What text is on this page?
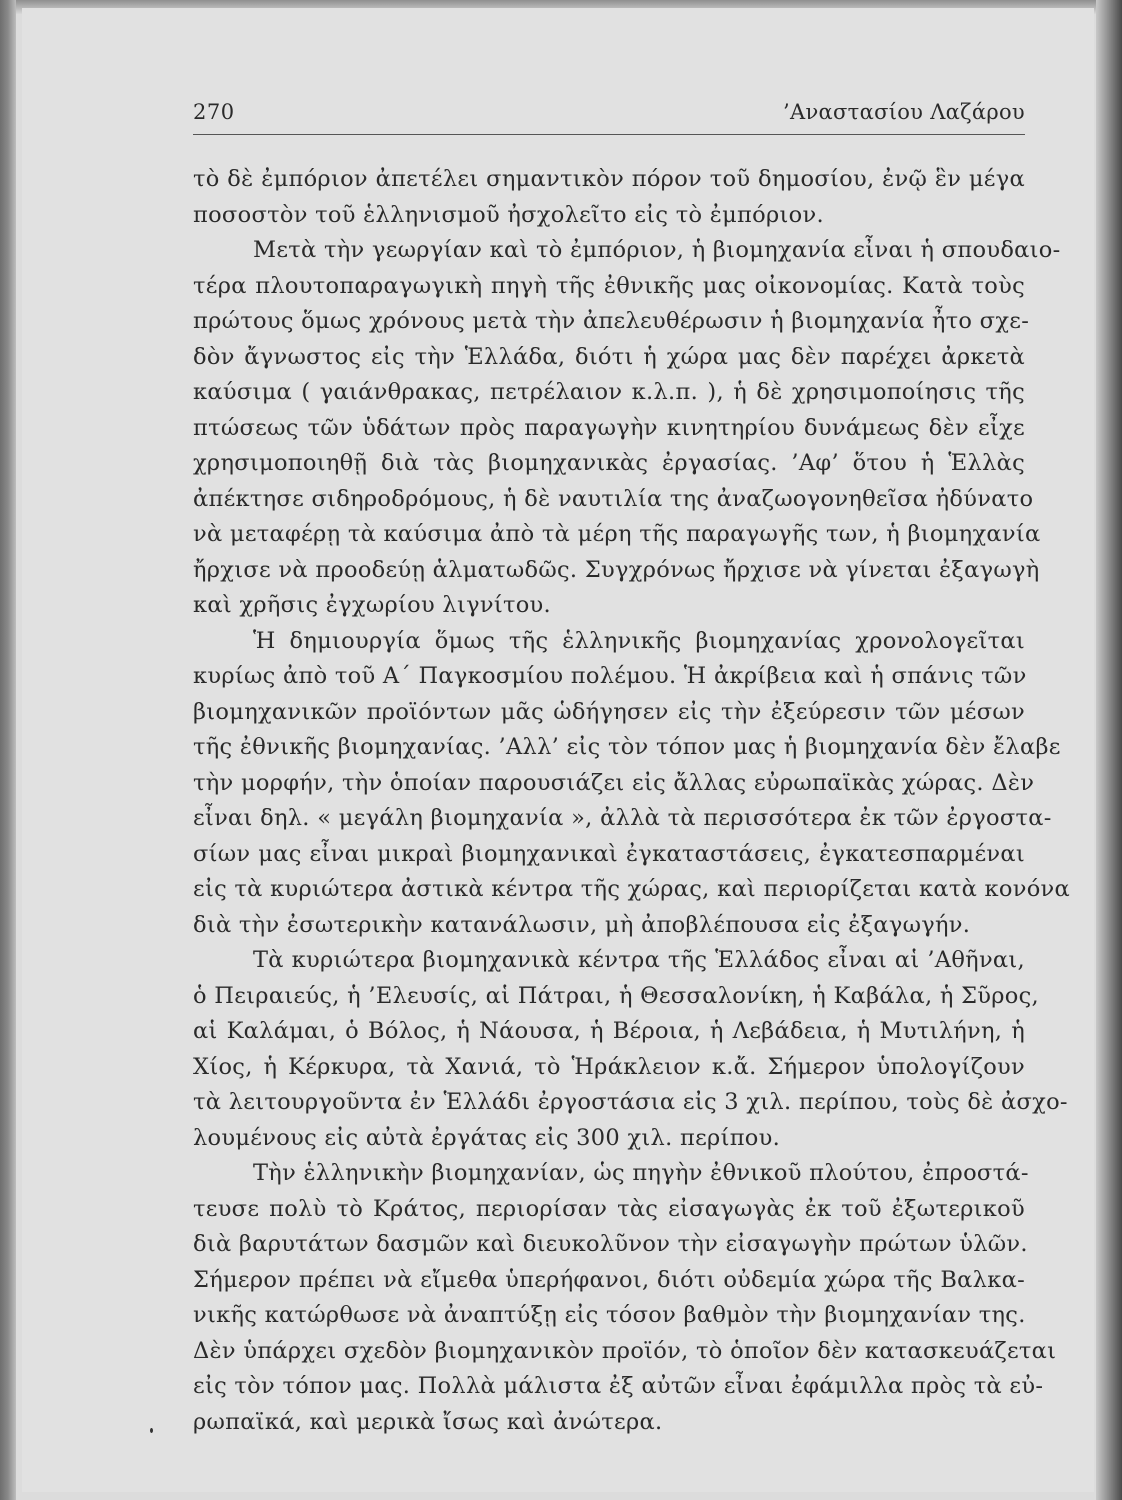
270	’Αναστασίου Λαζάρου
τὸ δὲ ἐμπόριον ἀπετέλει σημαντικὸν πόρον τοῦ δημοσίου, ἐνῷ ἓν μέγα
ποσοστὸν τοῦ ἑλληνισμοῦ ἠσχολεῖτο εἰς τὸ ἐμπόριον.
Μετὰ τὴν γεωργίαν καὶ τὸ ἐμπόριον, ἡ βιομηχανία εἶναι ἡ σπουδαιο-
τέρα πλουτοπαραγωγικὴ πηγὴ τῆς ἐθνικῆς μας οἰκονομίας. Κατὰ τοὺς
πρώτους ὅμως χρόνους μετὰ τὴν ἀπελευθέρωσιν ἡ βιομηχανία ἦτο σχε-
δὸν ἄγνωστος εἰς τὴν Ἑλλάδα, διότι ἡ χώρα μας δὲν παρέχει ἀρκετὰ
καύσιμα ( γαιάνθρακας, πετρέλαιον κ.λ.π. ), ἡ δὲ χρησιμοποίησις τῆς
πτώσεως τῶν ὑδάτων πρὸς παραγωγὴν κινητηρίου δυνάμεως δὲν εἶχε
χρησιμοποιηθῇ διὰ τὰς βιομηχανικὰς ἐργασίας. ’Αφ’ ὅτου ἡ Ἑλλὰς
ἀπέκτησε σιδηροδρόμους, ἡ δὲ ναυτιλία της ἀναζωογονηθεῖσα ἠδύνατο
νὰ μεταφέρῃ τὰ καύσιμα ἀπὸ τὰ μέρη τῆς παραγωγῆς των, ἡ βιομηχανία
ἤρχισε νὰ προοδεύῃ ἁλματωδῶς. Συγχρόνως ἤρχισε νὰ γίνεται ἐξαγωγὴ
καὶ χρῆσις ἐγχωρίου λιγνίτου.
Ἡ δημιουργία ὅμως τῆς ἑλληνικῆς βιομηχανίας χρονολογεῖται
κυρίως ἀπὸ τοῦ Α΄ Παγκοσμίου πολέμου. Ἡ ἀκρίβεια καὶ ἡ σπάνις τῶν
βιομηχανικῶν προϊόντων μᾶς ὡδήγησεν εἰς τὴν ἐξεύρεσιν τῶν μέσων
τῆς ἐθνικῆς βιομηχανίας. ’Αλλ’ εἰς τὸν τόπον μας ἡ βιομηχανία δὲν ἔλαβε
τὴν μορφήν, τὴν ὁποίαν παρουσιάζει εἰς ἄλλας εὐρωπαϊκὰς χώρας. Δὲν
εἶναι δηλ. « μεγάλη βιομηχανία », ἀλλὰ τὰ περισσότερα ἐκ τῶν ἐργοστα-
σίων μας εἶναι μικραὶ βιομηχανικαὶ ἐγκαταστάσεις, ἐγκατεσπαρμέναι
εἰς τὰ κυριώτερα ἀστικὰ κέντρα τῆς χώρας, καὶ περιορίζεται κατὰ κονόνα
διὰ τὴν ἐσωτερικὴν κατανάλωσιν, μὴ ἀποβλέπουσα εἰς ἐξαγωγήν.
Τὰ κυριώτερα βιομηχανικὰ κέντρα τῆς Ἑλλάδος εἶναι αἱ ’Αθῆναι,
ὁ Πειραιεύς, ἡ ’Ελευσίς, αἱ Πάτραι, ἡ Θεσσαλονίκη, ἡ Καβάλα, ἡ Σῦρος,
αἱ Καλάμαι, ὁ Βόλος, ἡ Νάουσα, ἡ Βέροια, ἡ Λεβάδεια, ἡ Μυτιλήνη, ἡ
Χίος, ἡ Κέρκυρα, τὰ Χανιά, τὸ Ἡράκλειον κ.ἄ. Σήμερον ὑπολογίζουν
τὰ λειτουργοῦντα ἐν Ἑλλάδι ἐργοστάσια εἰς 3 χιλ. περίπου, τοὺς δὲ ἀσχο-
λουμένους εἰς αὐτὰ ἐργάτας εἰς 300 χιλ. περίπου.
Τὴν ἑλληνικὴν βιομηχανίαν, ὡς πηγὴν ἐθνικοῦ πλούτου, ἐπροστά-
τευσε πολὺ τὸ Κράτος, περιορίσαν τὰς εἰσαγωγὰς ἐκ τοῦ ἐξωτερικοῦ
διὰ βαρυτάτων δασμῶν καὶ διευκολῦνον τὴν εἰσαγωγὴν πρώτων ὑλῶν.
Σήμερον πρέπει νὰ εἴμεθα ὑπερήφανοι, διότι οὐδεμία χώρα τῆς Βαλκα-
νικῆς κατώρθωσε νὰ ἀναπτύξῃ εἰς τόσον βαθμὸν τὴν βιομηχανίαν της.
Δὲν ὑπάρχει σχεδὸν βιομηχανικὸν προϊόν, τὸ ὁποῖον δὲν κατασκευάζεται
εἰς τὸν τόπον μας. Πολλὰ μάλιστα ἐξ αὐτῶν εἶναι ἐφάμιλλα πρὸς τὰ εὐ-
ρωπαϊκά, καὶ μερικὰ ἴσως καὶ ἀνώτερα.
